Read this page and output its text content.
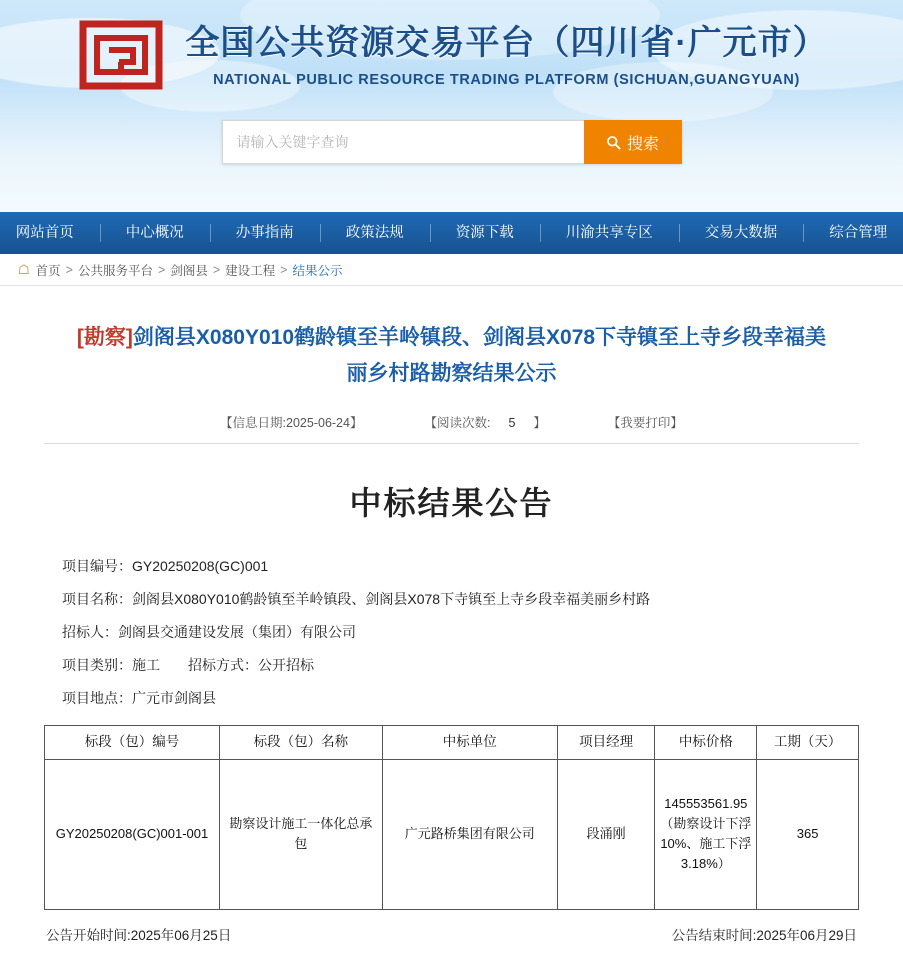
全国公共资源交易平台（四川省·广元市）
NATIONAL PUBLIC RESOURCE TRADING PLATFORM (SICHUAN,GUANGYUAN)
请输入关键字查询
搜索
网站首页	中心概况	办事指南	政策法规	资源下载	川渝共享专区	交易大数据	综合管理
☖ 首页 > 公共服务平台 > 剑阁县 > 建设工程 > 结果公示
[勘察]剑阁县X080Y010鹤龄镇至羊岭镇段、剑阁县X078下寺镇至上寺乡段幸福美丽乡村路勘察结果公示
【信息日期:2025-06-24】	【阅读次数: 5 】	【我要打印】
中标结果公告
项目编号：GY20250208(GC)001
项目名称：剑阁县X080Y010鹤龄镇至羊岭镇段、剑阁县X078下寺镇至上寺乡段幸福美丽乡村路
招标人：剑阁县交通建设发展（集团）有限公司
项目类别：施工　　招标方式：公开招标
项目地点：广元市剑阁县
标段（包）编号	标段（包）名称	中标单位	项目经理	中标价格	工期（天）
GY20250208(GC)001-001	勘察设计施工一体化总承包	广元路桥集团有限公司	段涌刚	145553561.95（勘察设计下浮10%、施工下浮3.18%）	365
公告开始时间:2025年06月25日	公告结束时间:2025年06月29日
